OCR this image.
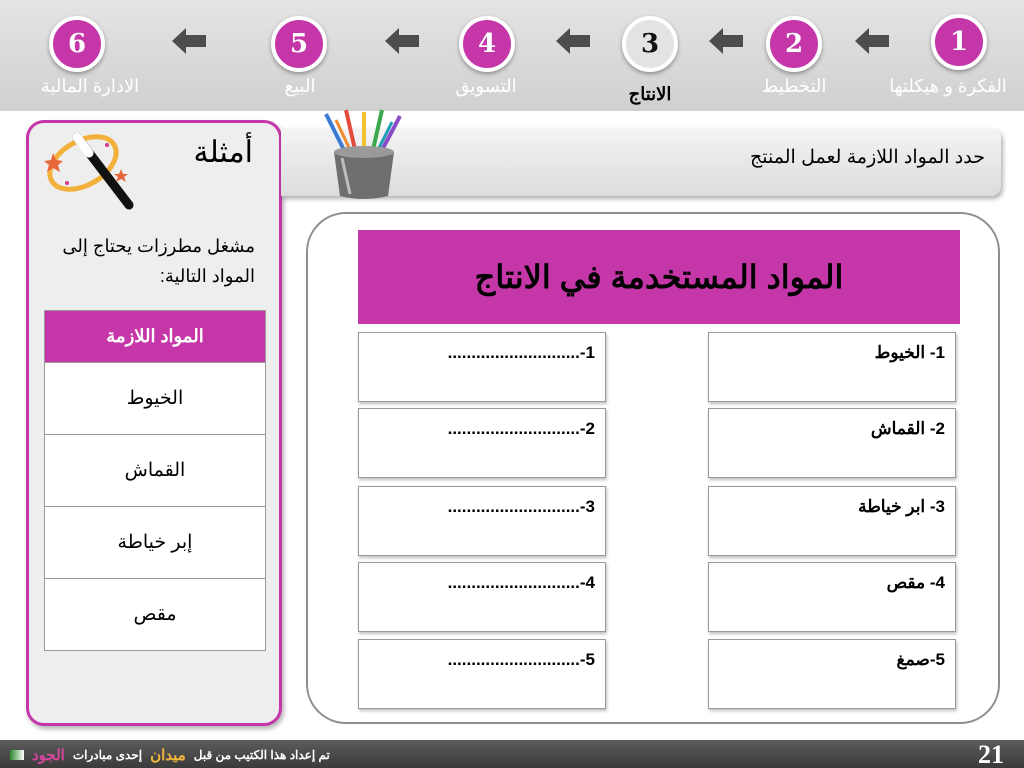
1
الفكرة و هيكلتها
2
التخطيط
3
الانتاج
4
التسويق
5
البيع
6
الادارة المالية
أمثلة
مشغل مطرزات يحتاج إلى المواد التالية:
المواد اللازمة
الخيوط
القماش
إبر خياطة
مقص
حدد المواد اللازمة لعمل المنتج
المواد المستخدمة في الانتاج
1- الخيوط
2- القماش
3- ابر خياطة
4- مقص
5-صمغ
1-............................
2-............................
3-............................
4-............................
5-............................
21
تم إعداد هذا الكتيب من قبل
ميدان
إحدى مبادرات
الجود
